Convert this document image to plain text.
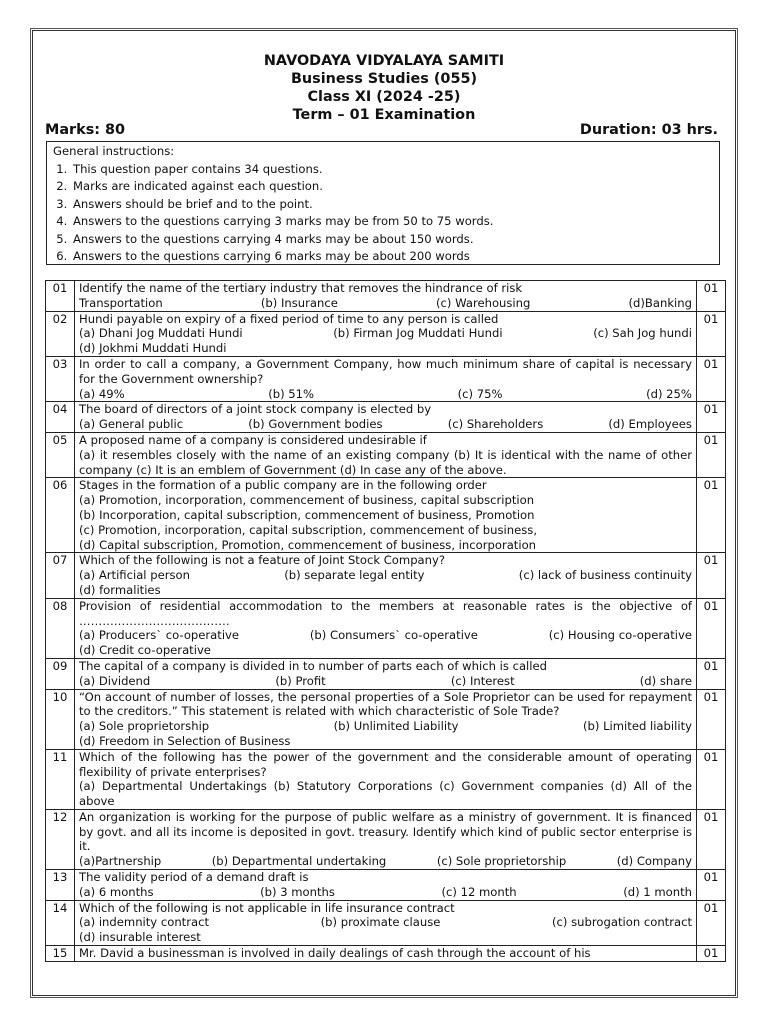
NAVODAYA VIDYALAYA SAMITI
Business Studies (055)
Class XI (2024 -25)
Term – 01 Examination
Marks: 80	Duration: 03 hrs.
General instructions:
1. This question paper contains 34 questions.
2. Marks are indicated against each question.
3. Answers should be brief and to the point.
4. Answers to the questions carrying 3 marks may be from 50 to 75 words.
5. Answers to the questions carrying 4 marks may be about 150 words.
6. Answers to the questions carrying 6 marks may be about 200 words
01	Identify the name of the tertiary industry that removes the hindrance of risk
Transportation (b) Insurance (c) Warehousing (d)Banking	01
02	Hundi payable on expiry of a fixed period of time to any person is called
(a) Dhani Jog Muddati Hundi (b) Firman Jog Muddati Hundi (c) Sah Jog hundi
(d) Jokhmi Muddati Hundi	01
03	In order to call a company, a Government Company, how much minimum share of capital is necessary for the Government ownership?
(a) 49% (b) 51% (c) 75% (d) 25%	01
04	The board of directors of a joint stock company is elected by
(a) General public (b) Government bodies (c) Shareholders (d) Employees	01
05	A proposed name of a company is considered undesirable if
(a) it resembles closely with the name of an existing company (b) It is identical with the name of other company (c) It is an emblem of Government (d) In case any of the above.	01
06	Stages in the formation of a public company are in the following order
(a) Promotion, incorporation, commencement of business, capital subscription
(b) Incorporation, capital subscription, commencement of business, Promotion
(c) Promotion, incorporation, capital subscription, commencement of business,
(d) Capital subscription, Promotion, commencement of business, incorporation	01
07	Which of the following is not a feature of Joint Stock Company?
(a) Artificial person (b) separate legal entity (c) lack of business continuity
(d) formalities	01
08	Provision of residential accommodation to the members at reasonable rates is the objective of …………………………………
(a) Producers` co-operative (b) Consumers` co-operative (c) Housing co-operative
(d) Credit co-operative	01
09	The capital of a company is divided in to number of parts each of which is called
(a) Dividend (b) Profit (c) Interest (d) share	01
10	“On account of number of losses, the personal properties of a Sole Proprietor can be used for repayment to the creditors.” This statement is related with which characteristic of Sole Trade?
(a) Sole proprietorship (b) Unlimited Liability (b) Limited liability
(d) Freedom in Selection of Business	01
11	Which of the following has the power of the government and the considerable amount of operating flexibility of private enterprises?
(a) Departmental Undertakings (b) Statutory Corporations (c) Government companies (d) All of the above	01
12	An organization is working for the purpose of public welfare as a ministry of government. It is financed by govt. and all its income is deposited in govt. treasury. Identify which kind of public sector enterprise is it.
(a)Partnership (b) Departmental undertaking (c) Sole proprietorship (d) Company	01
13	The validity period of a demand draft is
(a) 6 months (b) 3 months (c) 12 month (d) 1 month	01
14	Which of the following is not applicable in life insurance contract
(a) indemnity contract (b) proximate clause (c) subrogation contract
(d) insurable interest	01
15	Mr. David a businessman is involved in daily dealings of cash through the account of his	01
